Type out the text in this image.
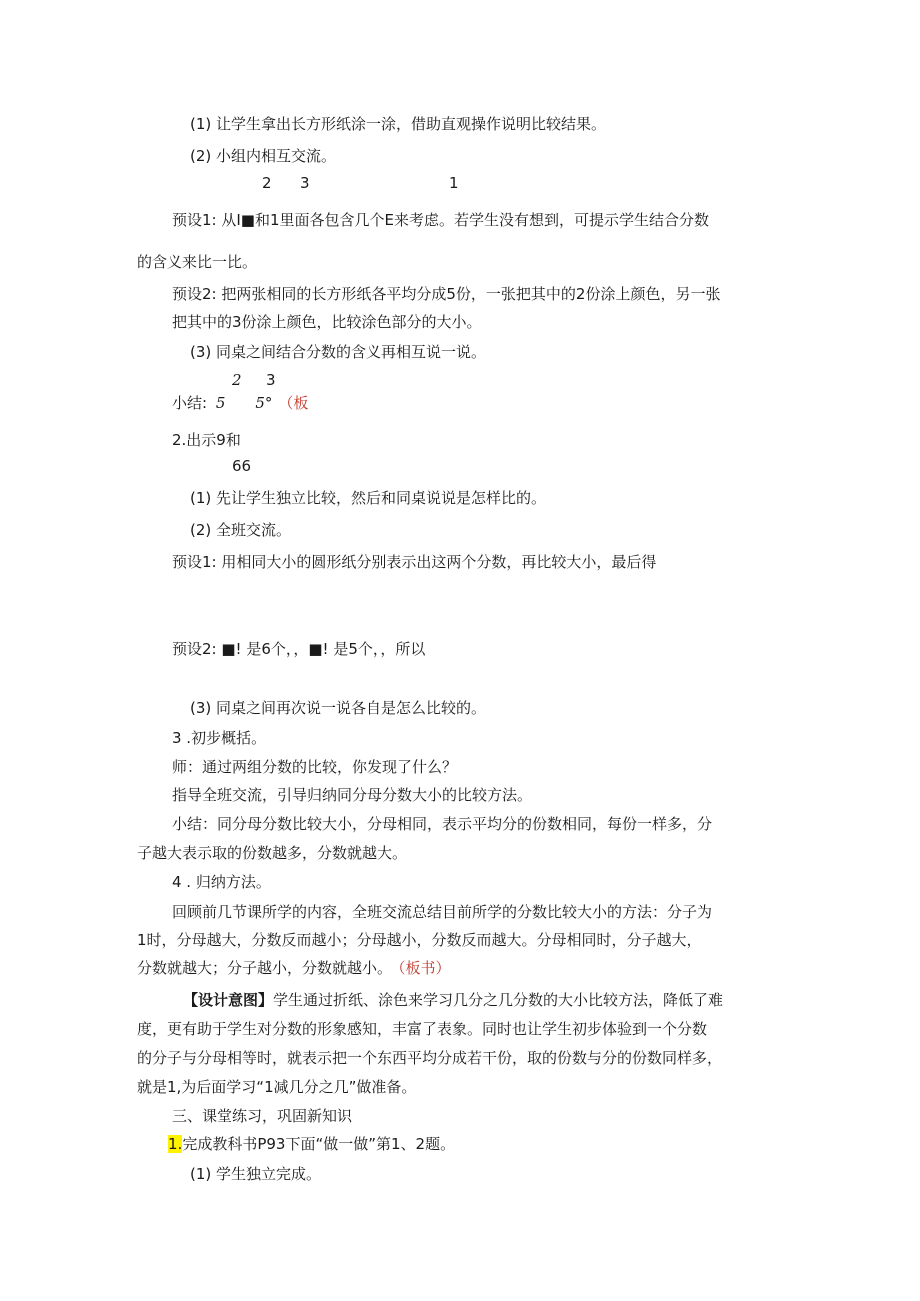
(1) 让学生拿出长方形纸涂一涂，借助直观操作说明比较结果。
(2) 小组内相互交流。
2 3	1
预设1: 从I■和1里面各包含几个E来考虑。若学生没有想到，可提示学生结合分数
的含义来比一比。
预设2: 把两张相同的长方形纸各平均分成5份，一张把其中的2份涂上颜色，另一张
把其中的3份涂上颜色，比较涂色部分的大小。
(3) 同桌之间结合分数的含义再相互说一说。
2 3
小结: 5 5° （板
2.出示9和
66
(1) 先让学生独立比较，然后和同桌说说是怎样比的。
(2) 全班交流。
预设1: 用相同大小的圆形纸分别表示出这两个分数，再比较大小，最后得
预设2: ■! 是6个，，■! 是5个，，所以
(3) 同桌之间再次说一说各自是怎么比较的。
3 .初步概括。
师：通过两组分数的比较，你发现了什么？
指导全班交流，引导归纳同分母分数大小的比较方法。
小结：同分母分数比较大小，分母相同，表示平均分的份数相同，每份一样多，分
子越大表示取的份数越多，分数就越大。
4 . 归纳方法。
回顾前几节课所学的内容，全班交流总结目前所学的分数比较大小的方法：分子为
1时，分母越大，分数反而越小；分母越小，分数反而越大。分母相同时，分子越大，
分数就越大；分子越小，分数就越小。 （板书）
【设计意图】学生通过折纸、涂色来学习几分之几分数的大小比较方法，降低了难
度，更有助于学生对分数的形象感知，丰富了表象。同时也让学生初步体验到一个分数
的分子与分母相等时，就表示把一个东西平均分成若干份，取的份数与分的份数同样多，
就是1,为后面学习“1减几分之几”做准备。
三、课堂练习，巩固新知识
1.完成教科书P93下面“做一做”第1、2题。
(1) 学生独立完成。
